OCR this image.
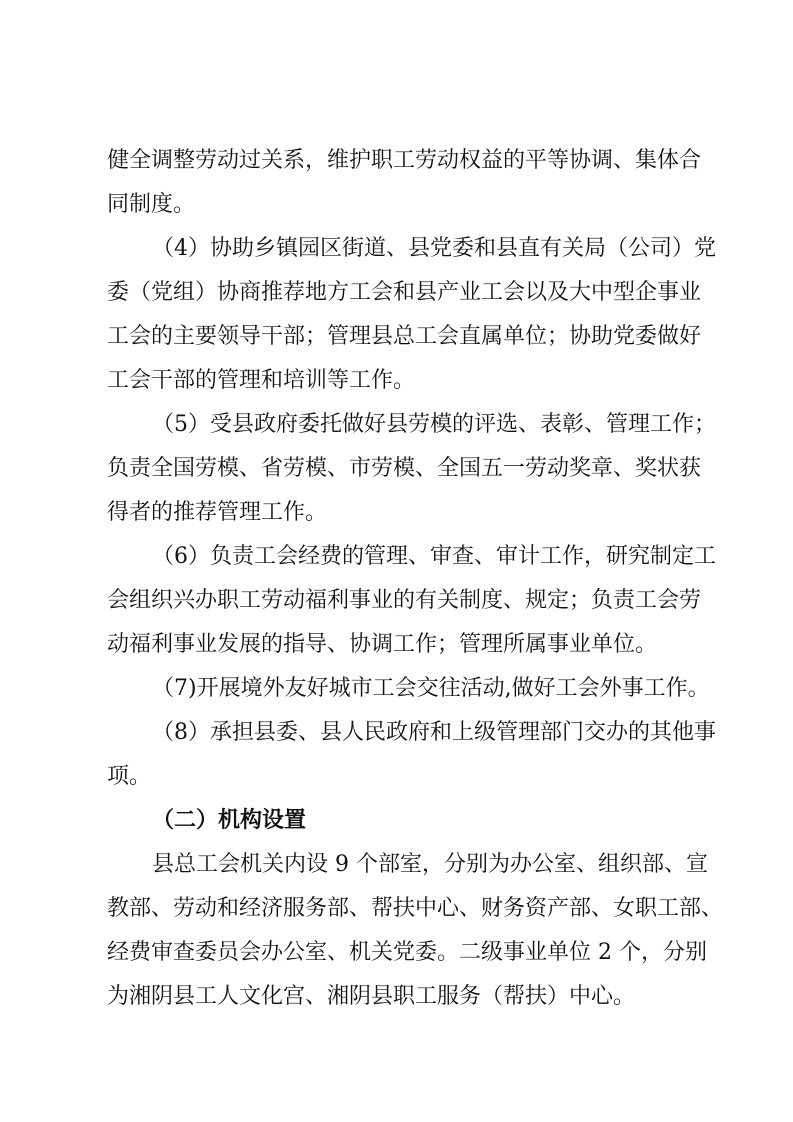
健全调整劳动过关系，维护职工劳动权益的平等协调、集体合
同制度。
（4）协助乡镇园区街道、县党委和县直有关局（公司）党
委（党组）协商推荐地方工会和县产业工会以及大中型企事业
工会的主要领导干部；管理县总工会直属单位；协助党委做好
工会干部的管理和培训等工作。
（5）受县政府委托做好县劳模的评选、表彰、管理工作；
负责全国劳模、省劳模、市劳模、全国五一劳动奖章、奖状获
得者的推荐管理工作。
（6）负责工会经费的管理、审查、审计工作，研究制定工
会组织兴办职工劳动福利事业的有关制度、规定；负责工会劳
动福利事业发展的指导、协调工作；管理所属事业单位。
（7)开展境外友好城市工会交往活动,做好工会外事工作。
（8）承担县委、县人民政府和上级管理部门交办的其他事
项。
（二）机构设置
县总工会机关内设 9 个部室，分别为办公室、组织部、宣
教部、劳动和经济服务部、帮扶中心、财务资产部、女职工部、
经费审查委员会办公室、机关党委。二级事业单位 2 个，分别
为湘阴县工人文化宫、湘阴县职工服务（帮扶）中心。
